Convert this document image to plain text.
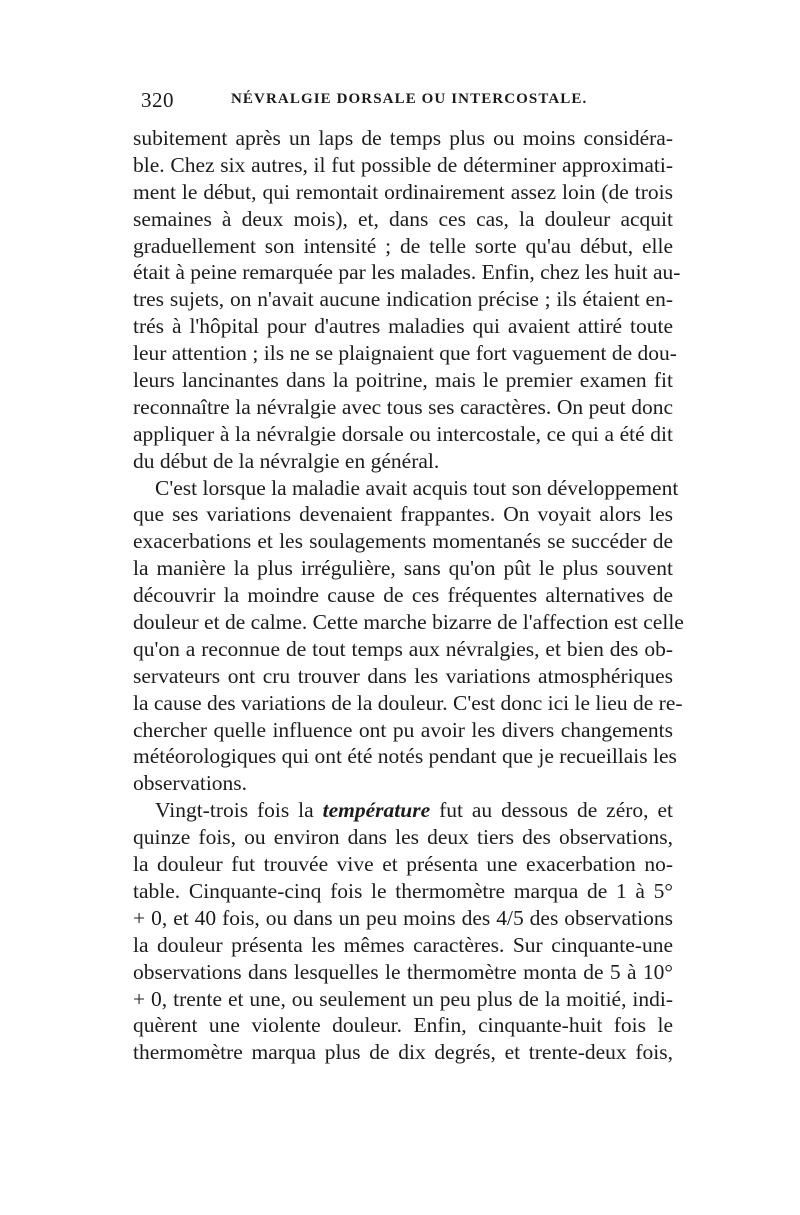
320	NÉVRALGIE DORSALE OU INTERCOSTALE.
subitement après un laps de temps plus ou moins considéra-
ble. Chez six autres, il fut possible de déterminer approximati-
ment le début, qui remontait ordinairement assez loin (de trois
semaines à deux mois), et, dans ces cas, la douleur acquit
graduellement son intensité ; de telle sorte qu'au début, elle
était à peine remarquée par les malades. Enfin, chez les huit au-
tres sujets, on n'avait aucune indication précise ; ils étaient en-
trés à l'hôpital pour d'autres maladies qui avaient attiré toute
leur attention ; ils ne se plaignaient que fort vaguement de dou-
leurs lancinantes dans la poitrine, mais le premier examen fit
reconnaître la névralgie avec tous ses caractères. On peut donc
appliquer à la névralgie dorsale ou intercostale, ce qui a été dit
du début de la névralgie en général.
C'est lorsque la maladie avait acquis tout son développement
que ses variations devenaient frappantes. On voyait alors les
exacerbations et les soulagements momentanés se succéder de
la manière la plus irrégulière, sans qu'on pût le plus souvent
découvrir la moindre cause de ces fréquentes alternatives de
douleur et de calme. Cette marche bizarre de l'affection est celle
qu'on a reconnue de tout temps aux névralgies, et bien des ob-
servateurs ont cru trouver dans les variations atmosphériques
la cause des variations de la douleur. C'est donc ici le lieu de re-
chercher quelle influence ont pu avoir les divers changements
météorologiques qui ont été notés pendant que je recueillais les
observations.
Vingt-trois fois la température fut au dessous de zéro, et
quinze fois, ou environ dans les deux tiers des observations,
la douleur fut trouvée vive et présenta une exacerbation no-
table. Cinquante-cinq fois le thermomètre marqua de 1 à 5°
+ 0, et 40 fois, ou dans un peu moins des 4/5 des observations
la douleur présenta les mêmes caractères. Sur cinquante-une
observations dans lesquelles le thermomètre monta de 5 à 10°
+ 0, trente et une, ou seulement un peu plus de la moitié, indi-
quèrent une violente douleur. Enfin, cinquante-huit fois le
thermomètre marqua plus de dix degrés, et trente-deux fois,
